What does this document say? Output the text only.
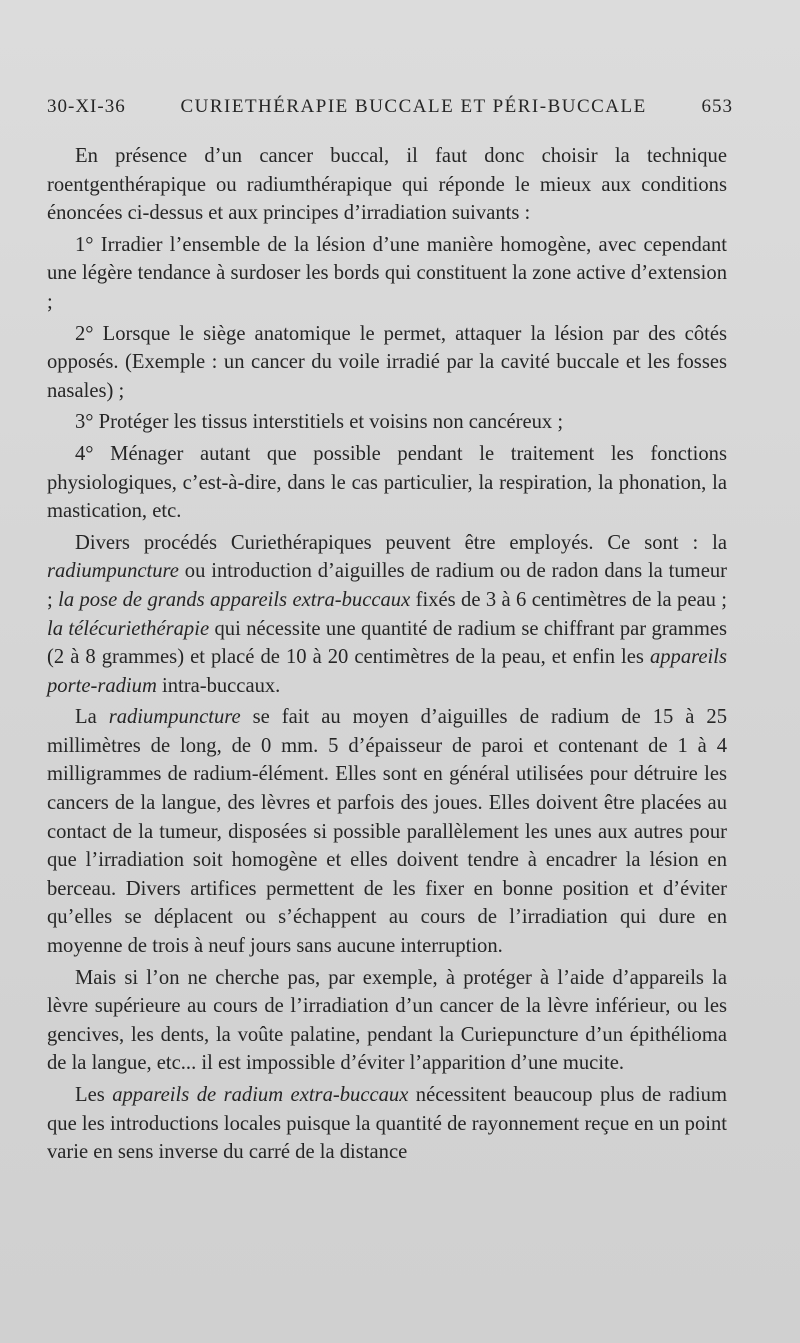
30-XI-36	CURIETHÉRAPIE BUCCALE ET PÉRI-BUCCALE	653

En présence d’un cancer buccal, il faut donc choisir la technique roentgenthérapique ou radiumthérapique qui réponde le mieux aux conditions énoncées ci-dessus et aux principes d’irradiation suivants :

1° Irradier l’ensemble de la lésion d’une manière homogène, avec cependant une légère tendance à surdoser les bords qui constituent la zone active d’extension ;

2° Lorsque le siège anatomique le permet, attaquer la lésion par des côtés opposés. (Exemple : un cancer du voile irradié par la cavité buccale et les fosses nasales) ;

3° Protéger les tissus interstitiels et voisins non cancéreux ;

4° Ménager autant que possible pendant le traitement les fonctions physiologiques, c’est-à-dire, dans le cas particulier, la respiration, la phonation, la mastication, etc.

Divers procédés Curiethérapiques peuvent être employés. Ce sont : la radiumpuncture ou introduction d’aiguilles de radium ou de radon dans la tumeur ; la pose de grands appareils extra-buccaux fixés de 3 à 6 centimètres de la peau ; la télécuriethérapie qui nécessite une quantité de radium se chiffrant par grammes (2 à 8 grammes) et placé de 10 à 20 centimètres de la peau, et enfin les appareils porte-radium intra-buccaux.

La radiumpuncture se fait au moyen d’aiguilles de radium de 15 à 25 millimètres de long, de 0 mm. 5 d’épaisseur de paroi et contenant de 1 à 4 milligrammes de radium-élément. Elles sont en général utilisées pour détruire les cancers de la langue, des lèvres et parfois des joues. Elles doivent être placées au contact de la tumeur, disposées si possible parallèlement les unes aux autres pour que l’irradiation soit homogène et elles doivent tendre à encadrer la lésion en berceau. Divers artifices permettent de les fixer en bonne position et d’éviter qu’elles se déplacent ou s’échappent au cours de l’irradiation qui dure en moyenne de trois à neuf jours sans aucune interruption.

Mais si l’on ne cherche pas, par exemple, à protéger à l’aide d’appareils la lèvre supérieure au cours de l’irradiation d’un cancer de la lèvre inférieur, ou les gencives, les dents, la voûte palatine, pendant la Curiepuncture d’un épithélioma de la langue, etc... il est impossible d’éviter l’apparition d’une mucite.

Les appareils de radium extra-buccaux nécessitent beaucoup plus de radium que les introductions locales puisque la quantité de rayonnement reçue en un point varie en sens inverse du carré de la distance
